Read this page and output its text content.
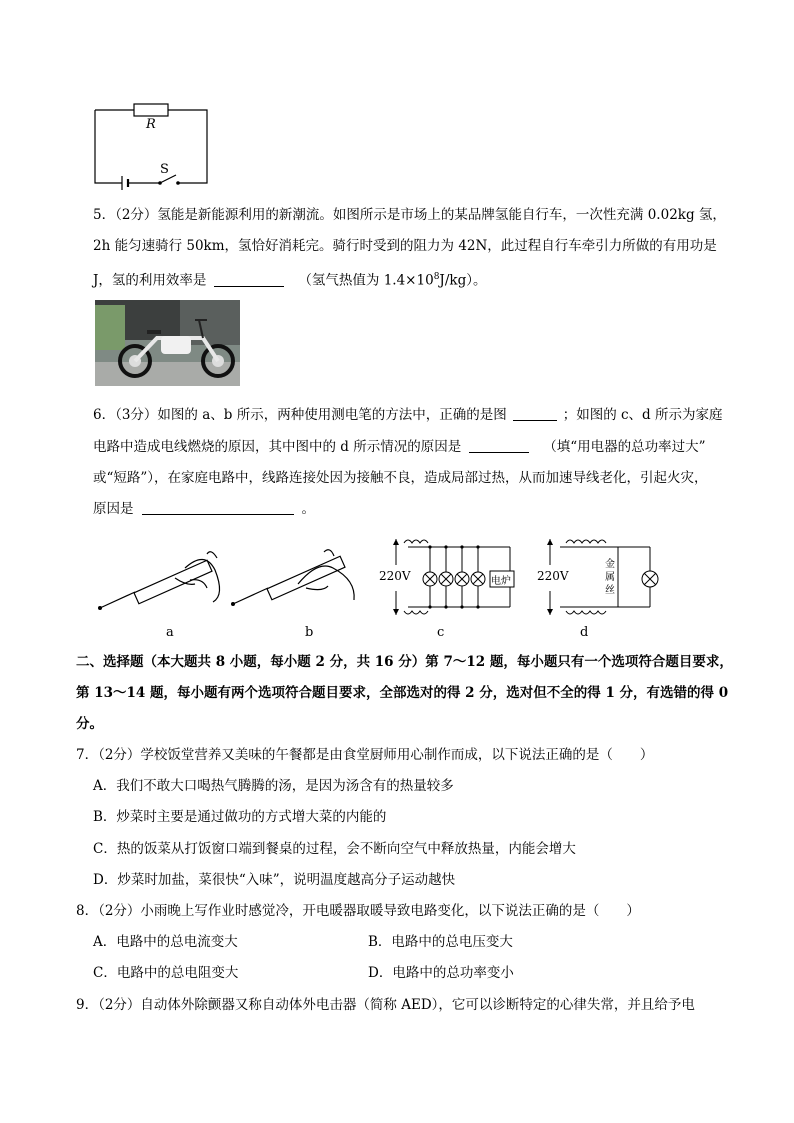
R
S
5．（2分）氢能是新能源利用的新潮流。如图所示是市场上的某品牌氢能自行车，一次性充满 0.02kg 氢，
2h 能匀速骑行 50km，氢恰好消耗完。骑行时受到的阻力为 42N，此过程自行车牵引力所做的有用功是
J，氢的利用效率是	（氢气热值为 $1.4\times 10^8J/kg$）。
6．（3分）如图的 a、b 所示，两种使用测电笔的方法中，正确的是图	；如图的 c、d 所示为家庭
电路中造成电线燃烧的原因，其中图中的 d 所示情况的原因是	（填“用电器的总功率过大”
或“短路”），在家庭电路中，线路连接处因为接触不良，造成局部过热，从而加速导线老化，引起火灾，
原因是	。
a	b
220V	电炉
c
220V
金
属
丝
d
二、选择题（本大题共 8 小题，每小题 2 分，共 16 分）第 7～12 题，每小题只有一个选项符合题目要求，
第 13～14 题，每小题有两个选项符合题目要求，全部选对的得 2 分，选对但不全的得 1 分，有选错的得 0
分。
7．（2分）学校饭堂营养又美味的午餐都是由食堂厨师用心制作而成，以下说法正确的是（　　）
A．我们不敢大口喝热气腾腾的汤，是因为汤含有的热量较多
B．炒菜时主要是通过做功的方式增大菜的内能的
C．热的饭菜从打饭窗口端到餐桌的过程，会不断向空气中释放热量，内能会增大
D．炒菜时加盐，菜很快“入味”，说明温度越高分子运动越快
8．（2分）小雨晚上写作业时感觉冷，开电暖器取暖导致电路变化，以下说法正确的是（　　）
A．电路中的总电流变大	B．电路中的总电压变大
C．电路中的总电阻变大	D．电路中的总功率变小
9．（2分）自动体外除颤器又称自动体外电击器（简称 AED），它可以诊断特定的心律失常，并且给予电
